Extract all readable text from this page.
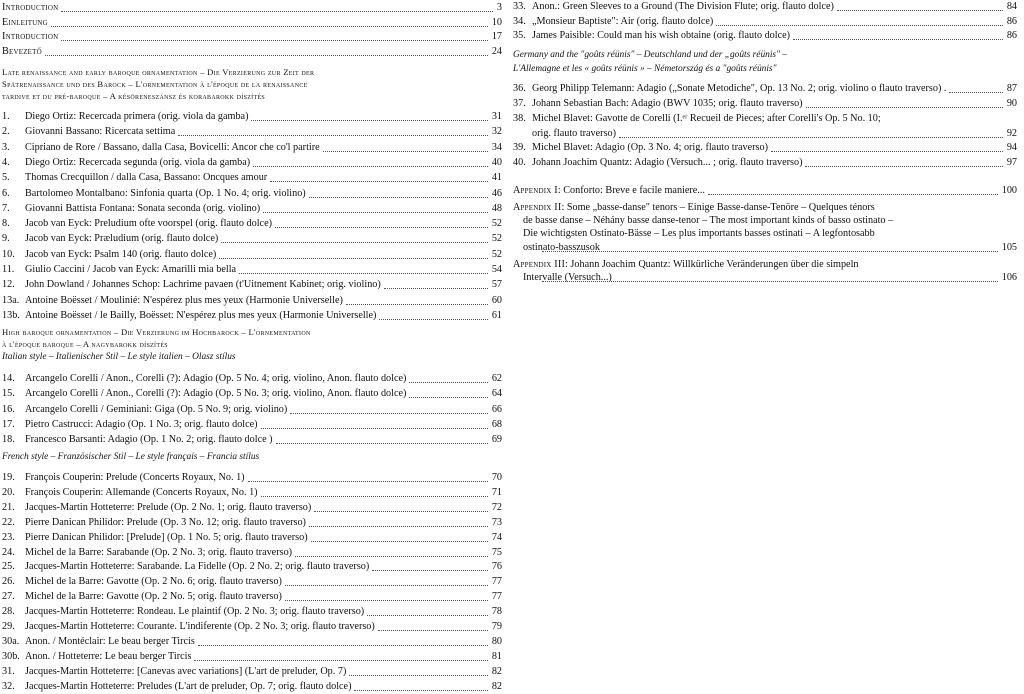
Introduction	3
Einleitung	10
Introduction	17
Bevezető	24
Late renaissance and early baroque ornamentation – Die Verzierung zur Zeit der
Spätrenaissance und des Barock – L'ornementation à l'époque de la renaissance
tardive et du pré-baroque – A késöreneszánsz és korabarokk díszítés
1. Diego Ortiz: Recercada primera (orig. viola da gamba)	31
2. Giovanni Bassano: Ricercata settima	32
3. Cipriano de Rore / Bassano, dalla Casa, Bovicelli: Ancor che co'l partire	34
4. Diego Ortiz: Recercada segunda (orig. viola da gamba)	40
5. Thomas Crecquillon / dalla Casa, Bassano: Oncques amour	41
6. Bartolomeo Montalbano: Sinfonia quarta (Op. 1 No. 4; orig. violino)	46
7. Giovanni Battista Fontana: Sonata seconda (orig. violino)	48
8. Jacob van Eyck: Preludium ofte voorspel (orig. flauto dolce)	52
9. Jacob van Eyck: Præludium (orig. flauto dolce)	52
10. Jacob van Eyck: Psalm 140 (orig. flauto dolce)	52
11. Giulio Caccini / Jacob van Eyck: Amarilli mia bella	54
12. John Dowland / Johannes Schop: Lachrime pavaen (t'Uitnement Kabinet; orig. violino)	57
13a. Antoine Boësset / Moulinié: N'espérez plus mes yeux (Harmonie Universelle)	60
13b. Antoine Boësset / le Bailly, Boësset: N'espérez plus mes yeux (Harmonie Universelle)	61
High baroque ornamentation – Die Verzierung im Hochbarock – L'ornementation
à l'époque baroque – A nagybarokk díszítés
Italian style – Italienischer Stil – Le style italien – Olasz stílus
14. Arcangelo Corelli / Anon., Corelli (?): Adagio (Op. 5 No. 4; orig. violino, Anon. flauto dolce)	62
15. Arcangelo Corelli / Anon., Corelli (?): Adagio (Op. 5 No. 3; orig. violino, Anon. flauto dolce)	64
16. Arcangelo Corelli / Geminiani: Giga (Op. 5 No. 9; orig. violino)	66
17. Pietro Castrucci: Adagio (Op. 1 No. 3; orig. flauto dolce)	68
18. Francesco Barsanti: Adagio (Op. 1 No. 2; orig. flauto dolce )	69
French style – Französischer Stil – Le style français – Francia stílus
19. François Couperin: Prelude (Concerts Royaux, No. 1)	70
20. François Couperin: Allemande (Concerts Royaux, No. 1)	71
21. Jacques-Martin Hotteterre: Prelude (Op. 2 No. 1; orig. flauto traverso)	72
22. Pierre Danican Philidor: Prelude (Op. 3 No. 12; orig. flauto traverso)	73
23. Pierre Danican Philidor: [Prelude] (Op. 1 No. 5; orig. flauto traverso)	74
24. Michel de la Barre: Sarabande (Op. 2 No. 3; orig. flauto traverso)	75
25. Jacques-Martin Hotteterre: Sarabande. La Fidelle (Op. 2 No. 2; orig. flauto traverso)	76
26. Michel de la Barre: Gavotte (Op. 2 No. 6; orig. flauto traverso)	77
27. Michel de la Barre: Gavotte (Op. 2 No. 5; orig. flauto traverso)	77
28. Jacques-Martin Hotteterre: Rondeau. Le plaintif (Op. 2 No. 3; orig. flauto traverso)	78
29. Jacques-Martin Hotteterre: Courante. L'indiferente (Op. 2 No. 3; orig. flauto traverso)	79
30a. Anon. / Montéclair: Le beau berger Tircis	80
30b. Anon. / Hotteterre: Le beau berger Tircis	81
31. Jacques-Martin Hotteterre: [Canevas avec variations] (L'art de preluder, Op. 7)	82
32. Jacques-Martin Hotteterre: Preludes (L'art de preluder, Op. 7; orig. flauto dolce)	82
33. Anon.: Green Sleeves to a Ground (The Division Flute; orig. flauto dolce)	84
34. „Monsieur Baptiste": Air (orig. flauto dolce)	86
35. James Paisible: Could man his wish obtaine (orig. flauto dolce)	86
Germany and the "goûts réünis" – Deutschland und der „goûts réünis" –
L'Allemagne et les « goûts réünis » – Németország és a "goûts réünis"
36. Georg Philipp Telemann: Adagio („Sonate Metodiche", Op. 13 No. 2; orig. violino o flauto traverso) .	87
37. Johann Sebastian Bach: Adagio (BWV 1035; orig. flauto traverso)	90
38. Michel Blavet: Gavotte de Corelli (I.ᵉʳ Recueil de Pieces; after Corelli's Op. 5 No. 10;
orig. flauto traverso)	92
39. Michel Blavet: Adagio (Op. 3 No. 4; orig. flauto traverso)	94
40. Johann Joachim Quantz: Adagio (Versuch... ; orig. flauto traverso)	97
Appendix I: Conforto: Breve e facile maniere...	100
Appendix II: Some „basse-danse" tenors – Einige Basse-danse-Tenöre – Quelques ténors
de basse danse – Néhány basse danse-tenor – The most important kinds of basso ostinato –
Die wichtigsten Ostinato-Bässe – Les plus importants basses ostinati – A legfontosabb
ostinato-basszusok	105
Appendix III: Johann Joachim Quantz: Willkürliche Veränderungen über die simpeln
Intervalle (Versuch...)	106
